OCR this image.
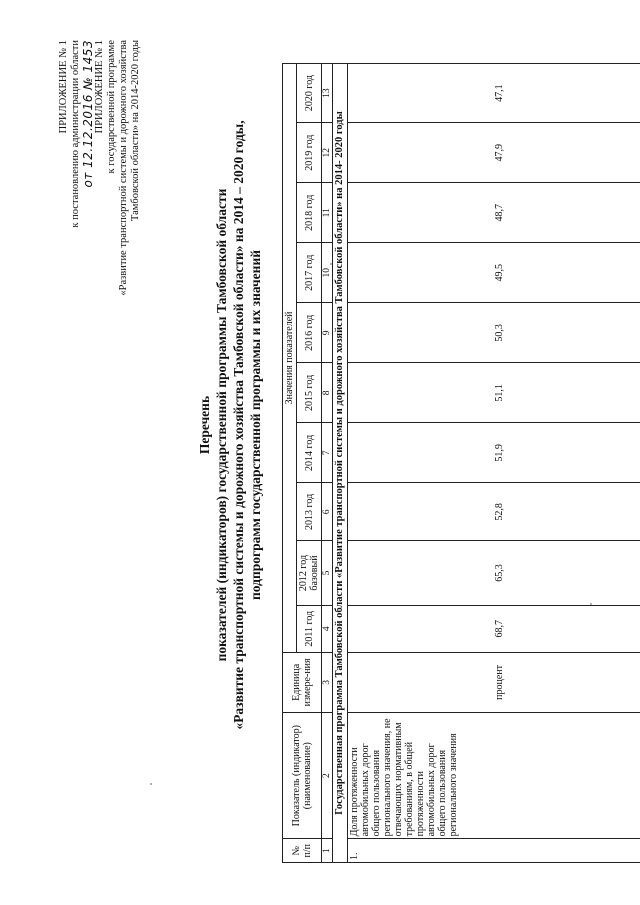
ПРИЛОЖЕНИЕ № 1 к постановлению администрации области от 12.12.2016 № 1453 ПРИЛОЖЕНИЕ № 1 к государственной программе «Развитие транспортной системы и дорожного хозяйства Тамбовской области» на 2014-2020 годы
Перечень показателей (индикаторов) государственной программы Тамбовской области «Развитие транспортной системы и дорожного хозяйства Тамбовской области» на 2014 – 2020 годы, подпрограмм государственной программы и их значений
№ п/п	Показатель (индикатор) (наименование)	Единица измере-ния	Значения показателей									
			2011 год	2012 год базовый	2013 год	2014 год	2015 год	2016 год	2017 год	2018 год	2019 год	2020 год
1	2	3	4	5	6	7	8	9	10	11	12	13
Государственная программа Тамбовской области «Развитие транспортной системы и дорожного хозяйства Тамбовской области» на 2014- 2020 годы												
1.	Доля протяженности автомобильных дорог общего пользования регионального значения, не отвечающих нормативным требованиям, в общей протяженности автомобильных дорог общего пользования регионального значения	процент	68,7	65,3	52,8	51,9	51,1	50,3	49,5	48,7	47,9	47,1
